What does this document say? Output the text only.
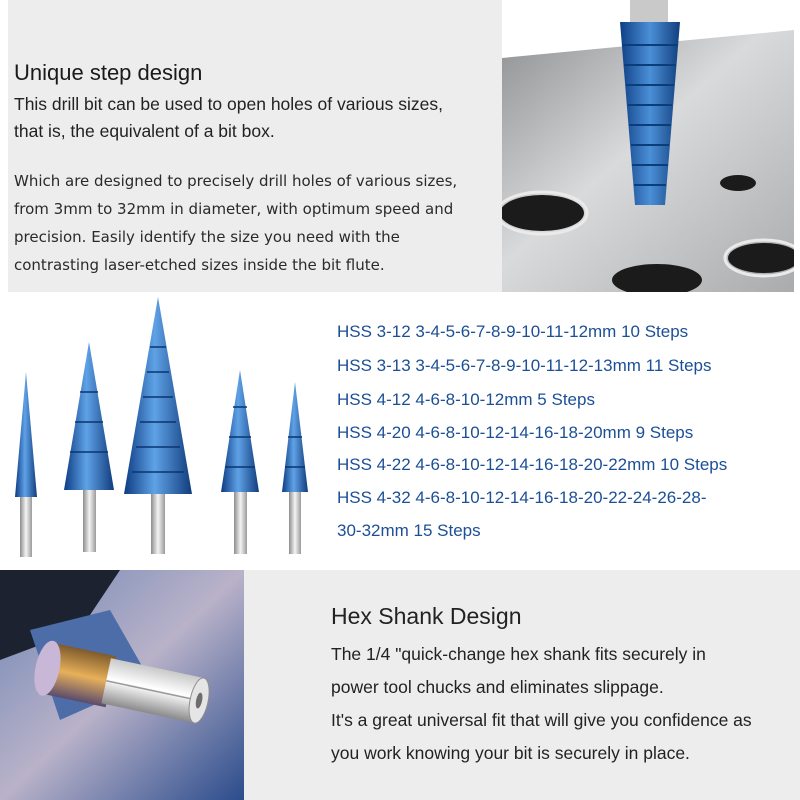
Unique step design
This drill bit can be used to open holes of various sizes,
that is, the equivalent of a bit box.
Which are designed to precisely drill holes of various sizes,
from 3mm to 32mm in diameter, with optimum speed and
precision. Easily identify the size you need with the
contrasting laser-etched sizes inside the bit flute.
HSS 3-12 3-4-5-6-7-8-9-10-11-12mm 10 Steps
HSS 3-13 3-4-5-6-7-8-9-10-11-12-13mm 11 Steps
HSS 4-12 4-6-8-10-12mm 5 Steps
HSS 4-20 4-6-8-10-12-14-16-18-20mm 9 Steps
HSS 4-22 4-6-8-10-12-14-16-18-20-22mm 10 Steps
HSS 4-32 4-6-8-10-12-14-16-18-20-22-24-26-28-
30-32mm 15 Steps
Hex Shank Design
The 1/4 "quick-change hex shank fits securely in
power tool chucks and eliminates slippage.
It's a great universal fit that will give you confidence as
you work knowing your bit is securely in place.
